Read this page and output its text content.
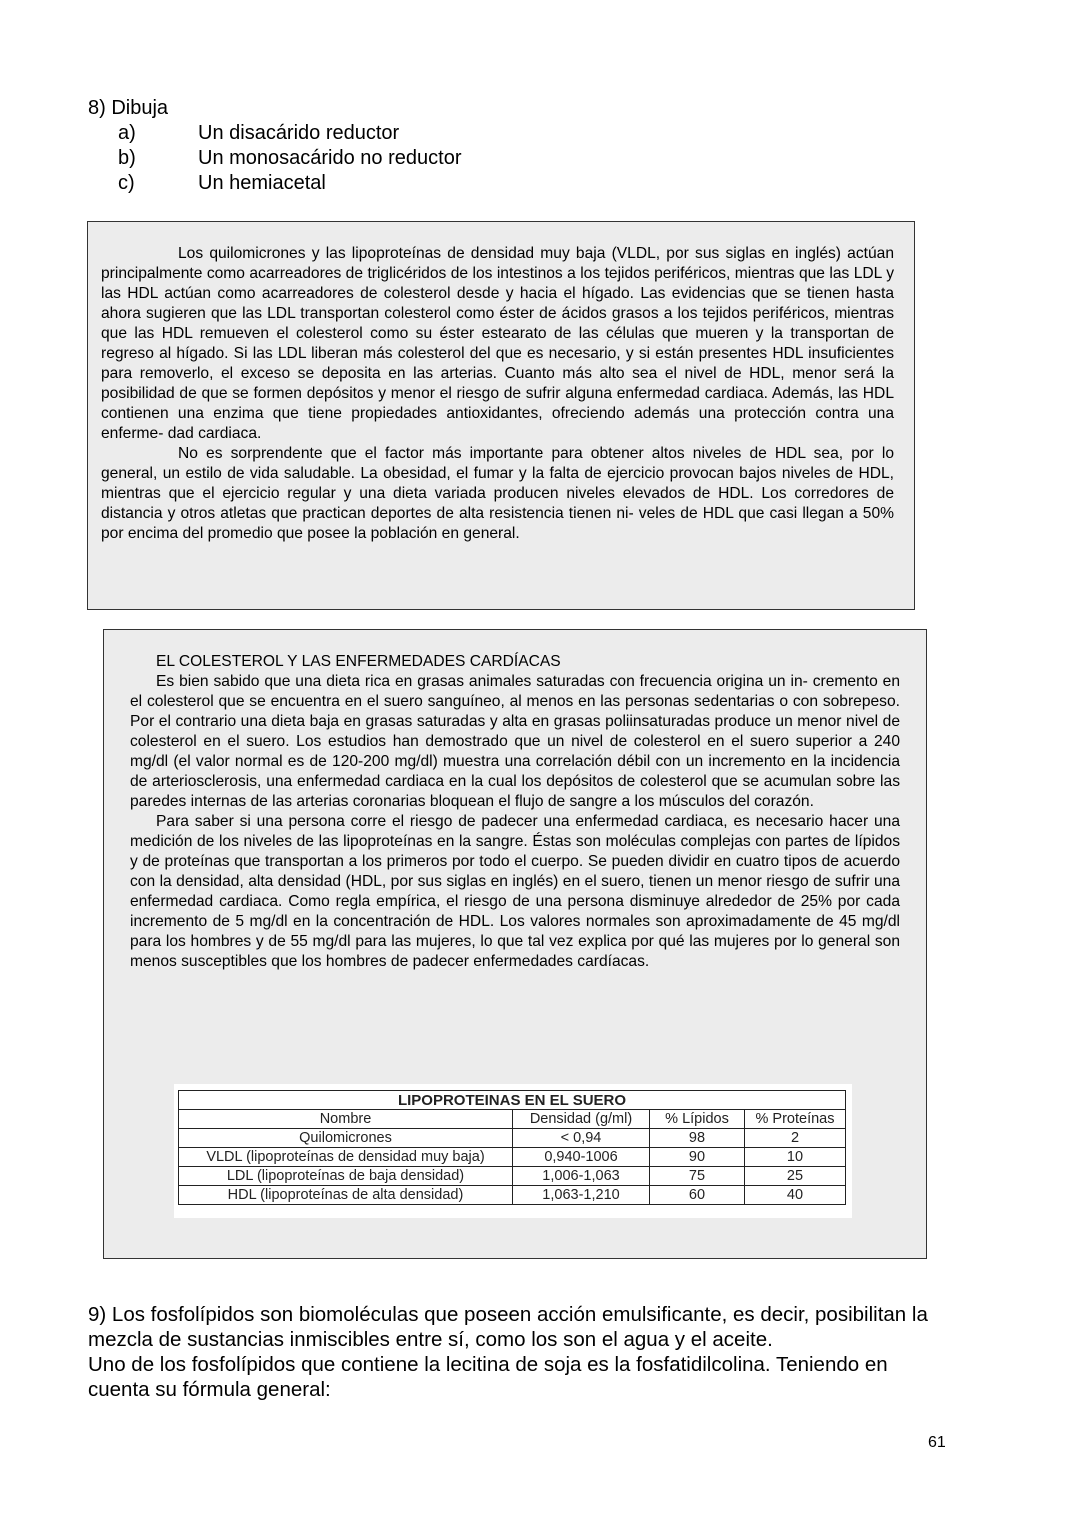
8) Dibuja
a)	Un disacárido reductor
b)	Un monosacárido no reductor
c)	Un hemiacetal

Los quilomicrones y las lipoproteínas de densidad muy baja (VLDL, por sus siglas en inglés) actúan principalmente como acarreadores de triglicéridos de los intestinos a los tejidos periféricos, mientras que las LDL y las HDL actúan como acarreadores de colesterol desde y hacia el hígado. Las evidencias que se tienen hasta ahora sugieren que las LDL transportan colesterol como éster de ácidos grasos a los tejidos periféricos, mientras que las HDL remueven el colesterol como su éster estearato de las células que mueren y la transportan de regreso al hígado. Si las LDL liberan más colesterol del que es necesario, y si están presentes HDL insuficientes para removerlo, el exceso se deposita en las arterias. Cuanto más alto sea el nivel de HDL, menor será la posibilidad de que se formen depósitos y menor el riesgo de sufrir alguna enfermedad cardiaca. Además, las HDL contienen una enzima que tiene propiedades antioxidantes, ofreciendo además una protección contra una enferme- dad cardiaca.

No es sorprendente que el factor más importante para obtener altos niveles de HDL sea, por lo general, un estilo de vida saludable. La obesidad, el fumar y la falta de ejercicio provocan bajos niveles de HDL, mientras que el ejercicio regular y una dieta variada producen niveles elevados de HDL. Los corredores de distancia y otros atletas que practican deportes de alta resistencia tienen ni- veles de HDL que casi llegan a 50% por encima del promedio que posee la población en general.

EL COLESTEROL Y LAS ENFERMEDADES CARDÍACAS

Es bien sabido que una dieta rica en grasas animales saturadas con frecuencia origina un in- cremento en el colesterol que se encuentra en el suero sanguíneo, al menos en las personas sedentarias o con sobrepeso. Por el contrario una dieta baja en grasas saturadas y alta en grasas poliinsaturadas produce un menor nivel de colesterol en el suero. Los estudios han demostrado que un nivel de colesterol en el suero superior a 240 mg/dl (el valor normal es de 120-200 mg/dl) muestra una correlación débil con un incremento en la incidencia de arteriosclerosis, una enfermedad cardiaca en la cual los depósitos de colesterol que se acumulan sobre las paredes internas de las arterias coronarias bloquean el flujo de sangre a los músculos del corazón.

Para saber si una persona corre el riesgo de padecer una enfermedad cardiaca, es necesario hacer una medición de los niveles de las lipoproteínas en la sangre. Éstas son moléculas complejas con partes de lípidos y de proteínas que transportan a los primeros por todo el cuerpo. Se pueden dividir en cuatro tipos de acuerdo con la densidad, alta densidad (HDL, por sus siglas en inglés) en el suero, tienen un menor riesgo de sufrir una enfermedad cardiaca. Como regla empírica, el riesgo de una persona disminuye alrededor de 25% por cada incremento de 5 mg/dl en la concentración de HDL. Los valores normales son aproximadamente de 45 mg/dl para los hombres y de 55 mg/dl para las mujeres, lo que tal vez explica por qué las mujeres por lo general son menos susceptibles que los hombres de padecer enfermedades cardíacas.

LIPOPROTEINAS EN EL SUERO			
Nombre	Densidad (g/ml)	% Lípidos	% Proteínas
Quilomicrones	< 0,94	98	2
VLDL (lipoproteínas de densidad muy baja)	0,940-1006	90	10
LDL (lipoproteínas de baja densidad)	1,006-1,063	75	25
HDL (lipoproteínas de alta densidad)	1,063-1,210	60	40

9) Los fosfolípidos son biomoléculas que poseen acción emulsificante, es decir, posibilitan la mezcla de sustancias inmiscibles entre sí, como los son el agua y el aceite.

Uno de los fosfolípidos que contiene la lecitina de soja es la fosfatidilcolina. Teniendo en cuenta su fórmula general:

61
